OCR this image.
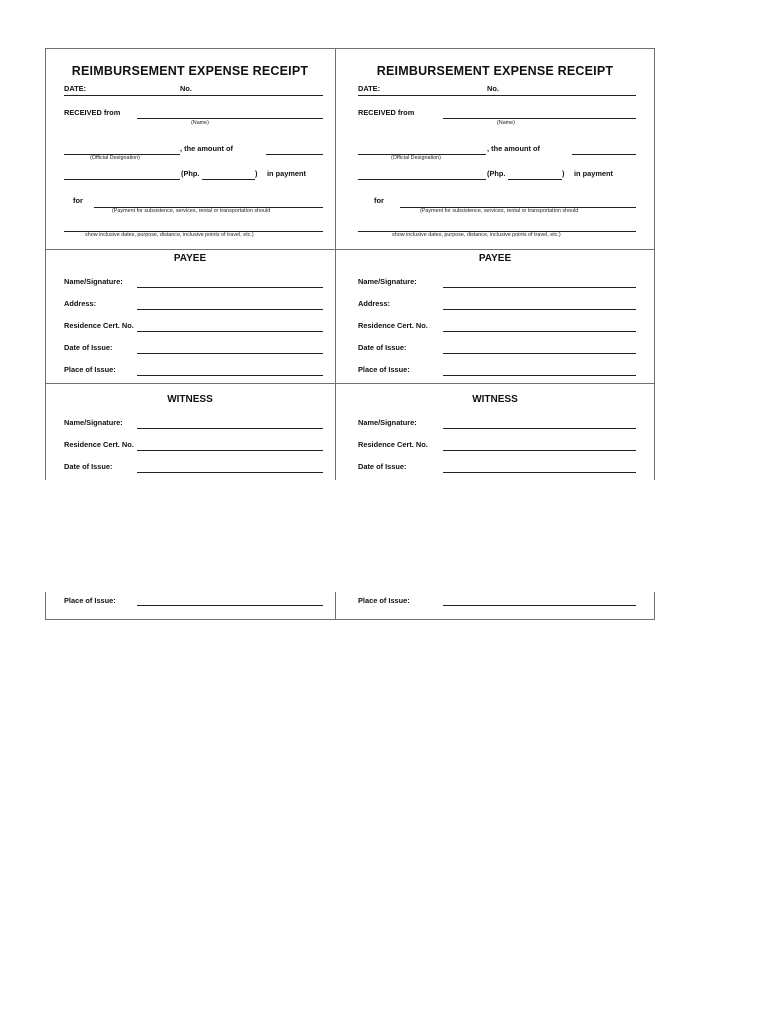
REIMBURSEMENT EXPENSE RECEIPT
DATE:	No.
RECEIVED from
(Name)
, the amount of
(Official Designation)
(Php.	) in payment
for
(Payment for subsistence, services, rental or transportation should
show inclusive dates, purpose, distance, inclusive points of travel, etc.)
PAYEE
Name/Signature:
Address:
Residence Cert. No.
Date of Issue:
Place of Issue:
WITNESS
Name/Signature:
Residence Cert. No.
Date of Issue:
Place of Issue:
REIMBURSEMENT EXPENSE RECEIPT
DATE:	No.
RECEIVED from
(Name)
, the amount of
(Official Designation)
(Php.	) in payment
for
(Payment for subsistence, services, rental or transportation should
show inclusive dates, purpose, distance, inclusive points of travel, etc.)
PAYEE
Name/Signature:
Address:
Residence Cert. No.
Date of Issue:
Place of Issue:
WITNESS
Name/Signature:
Residence Cert. No.
Date of Issue:
Place of Issue:
